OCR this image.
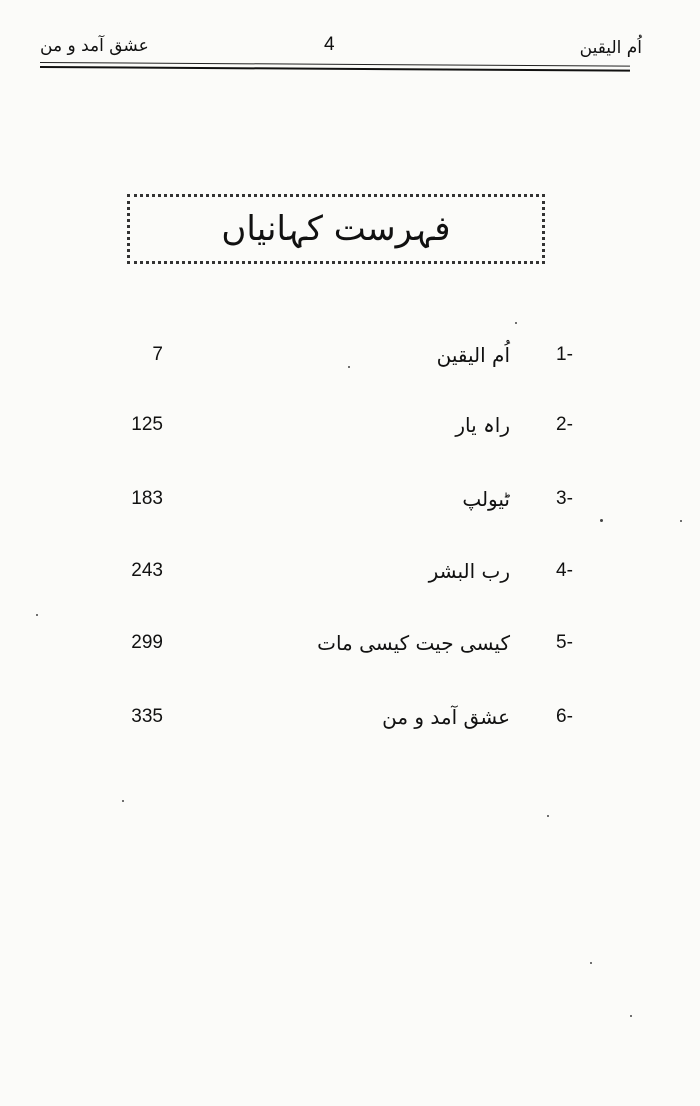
عشق آمد و من	4	اُم الیقین
فہرست کہانیاں
7	اُم الیقین 1-
125	راہ یار 2-
183	ٹیولپ 3-
243	رب البشر 4-
299	کیسی جیت کیسی مات 5-
335	عشق آمد و من 6-
